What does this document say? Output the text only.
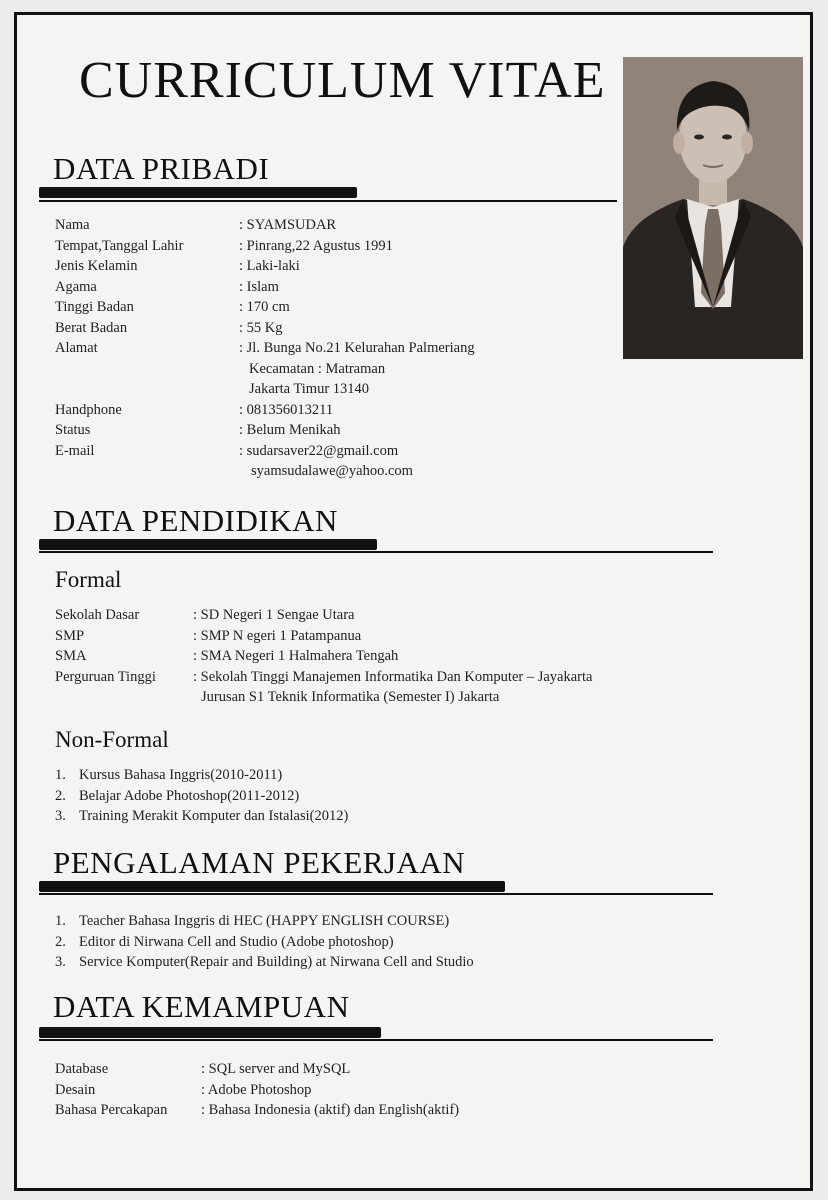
CURRICULUM VITAE
DATA PRIBADI
Nama	: SYAMSUDAR
Tempat,Tanggal Lahir	: Pinrang,22 Agustus 1991
Jenis Kelamin	: Laki-laki
Agama	: Islam
Tinggi Badan	: 170 cm
Berat Badan	: 55 Kg
Alamat	: Jl. Bunga No.21 Kelurahan Palmeriang
Kecamatan : Matraman
Jakarta Timur 13140
Handphone	: 081356013211
Status	: Belum Menikah
E-mail	: sudarsaver22@gmail.com
syamsudalawe@yahoo.com
DATA PENDIDIKAN
Formal
Sekolah Dasar	: SD Negeri 1 Sengae Utara
SMP	: SMP N egeri 1 Patampanua
SMA	: SMA Negeri 1 Halmahera Tengah
Perguruan Tinggi	: Sekolah Tinggi Manajemen Informatika Dan Komputer – Jayakarta
Jurusan S1 Teknik Informatika (Semester I) Jakarta
Non-Formal
1. Kursus Bahasa Inggris(2010-2011)
2. Belajar Adobe Photoshop(2011-2012)
3. Training Merakit Komputer dan Istalasi(2012)
PENGALAMAN PEKERJAAN
1. Teacher Bahasa Inggris di HEC (HAPPY ENGLISH COURSE)
2. Editor di Nirwana Cell and Studio (Adobe photoshop)
3. Service Komputer(Repair and Building) at Nirwana Cell and Studio
DATA KEMAMPUAN
Database	: SQL server and MySQL
Desain	: Adobe Photoshop
Bahasa Percakapan	: Bahasa Indonesia (aktif) dan English(aktif)
